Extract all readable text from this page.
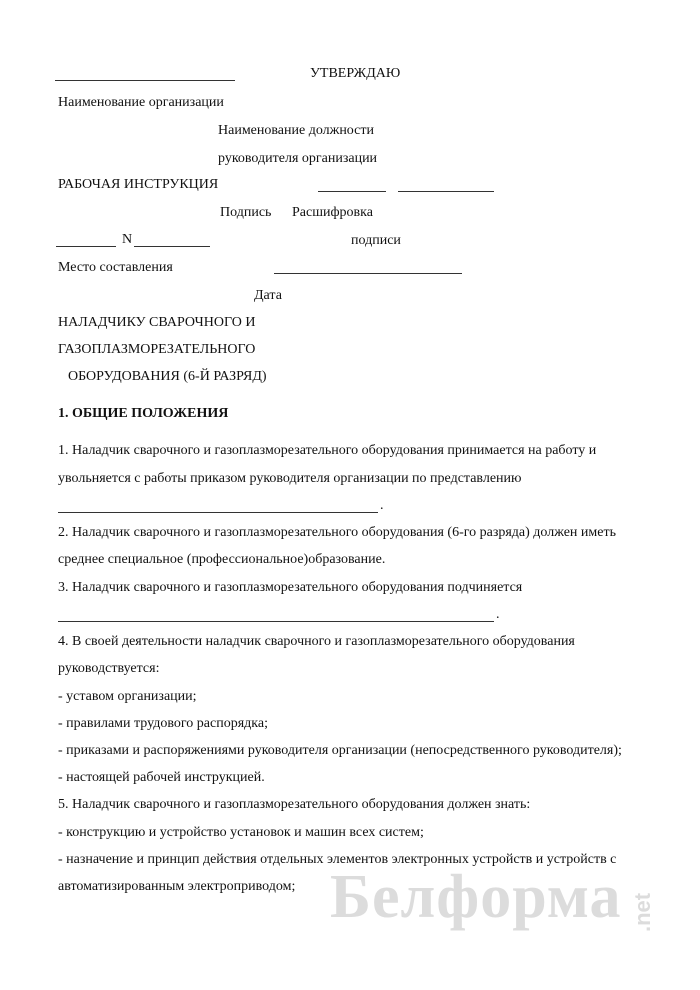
УТВЕРЖДАЮ
Наименование организации
Наименование должности
руководителя организации
РАБОЧАЯ ИНСТРУКЦИЯ
Подпись Расшифровка
N	подписи
Место составления
Дата
НАЛАДЧИКУ СВАРОЧНОГО И
ГАЗОПЛАЗМОРЕЗАТЕЛЬНОГО
ОБОРУДОВАНИЯ (6-Й РАЗРЯД)
1. ОБЩИЕ ПОЛОЖЕНИЯ
1. Наладчик сварочного и газоплазморезательного оборудования принимается на работу и
увольняется с работы приказом руководителя организации по представлению
.
2. Наладчик сварочного и газоплазморезательного оборудования (6-го разряда) должен иметь
среднее специальное (профессиональное)образование.
3. Наладчик сварочного и газоплазморезательного оборудования подчиняется
.
4. В своей деятельности наладчик сварочного и газоплазморезательного оборудования
руководствуется:
- уставом организации;
- правилами трудового распорядка;
- приказами и распоряжениями руководителя организации (непосредственного руководителя);
- настоящей рабочей инструкцией.
5. Наладчик сварочного и газоплазморезательного оборудования должен знать:
- конструкцию и устройство установок и машин всех систем;
- назначение и принцип действия отдельных элементов электронных устройств и устройств с
автоматизированным электроприводом; Белформа .net
